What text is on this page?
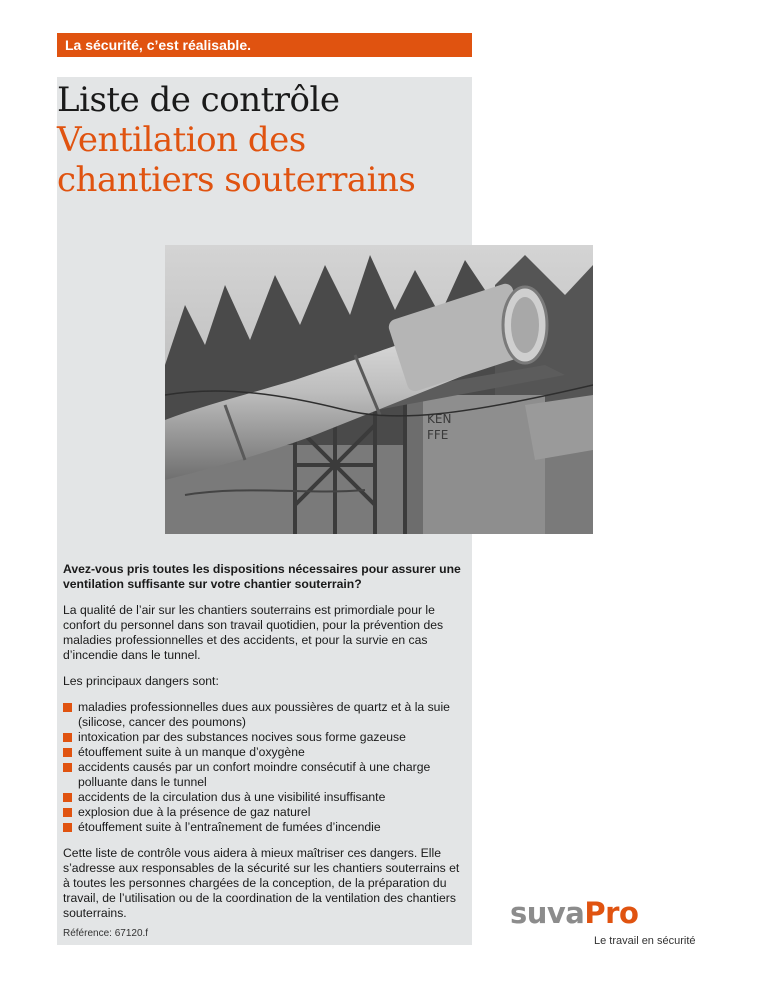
La sécurité, c’est réalisable.
Liste de contrôle
Ventilation des
chantiers souterrains
KEN
FFE

Avez-vous pris toutes les dispositions nécessaires pour assurer une ventilation suffisante sur votre chantier souterrain?

La qualité de l’air sur les chantiers souterrains est primordiale pour le confort du personnel dans son travail quotidien, pour la prévention des maladies professionnelles et des accidents, et pour la survie en cas d’incendie dans le tunnel.

Les principaux dangers sont:

maladies professionnelles dues aux poussières de quartz et à la suie (silicose, cancer des poumons)
intoxication par des substances nocives sous forme gazeuse
étouffement suite à un manque d’oxygène
accidents causés par un confort moindre consécutif à une charge polluante dans le tunnel
accidents de la circulation dus à une visibilité insuffisante
explosion due à la présence de gaz naturel
étouffement suite à l’entraînement de fumées d’incendie

Cette liste de contrôle vous aidera à mieux maîtriser ces dangers. Elle s’adresse aux responsables de la sécurité sur les chantiers souterrains et à toutes les personnes chargées de la conception, de la préparation du travail, de l’utilisation ou de la coordination de la ventilation des chantiers souterrains.

Référence: 67120.f
suvaPro
Le travail en sécurité
